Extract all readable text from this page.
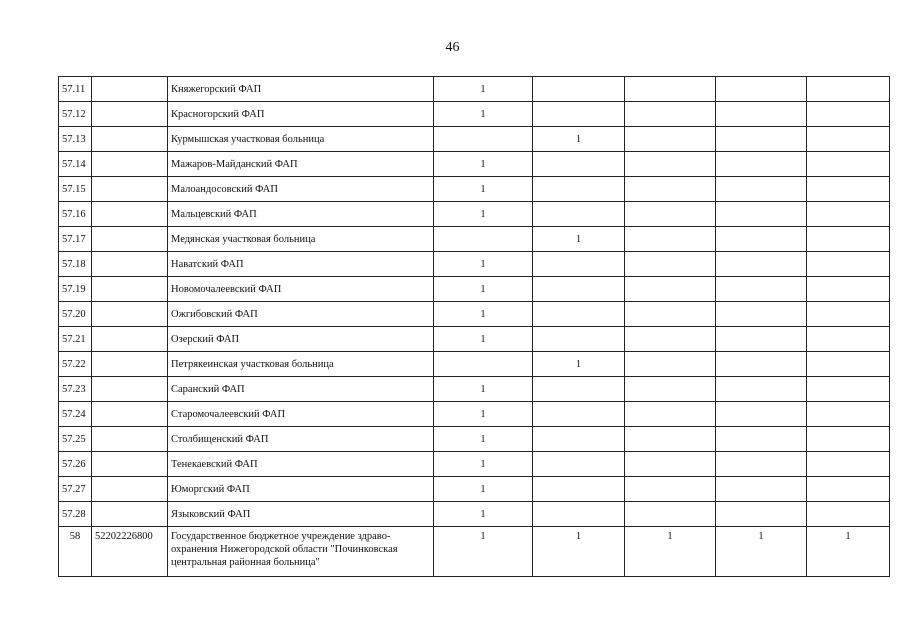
46
57.11		Княжегорский ФАП	1				
57.12		Красногорский ФАП	1				
57.13		Курмышская участковая больница		1			
57.14		Мажаров-Майданский ФАП	1				
57.15		Малоандосовский ФАП	1				
57.16		Мальцевский ФАП	1				
57.17		Медянская участковая больница		1			
57.18		Наватский ФАП	1				
57.19		Новомочалеевский ФАП	1				
57.20		Ожгибовский ФАП	1				
57.21		Озерский ФАП	1				
57.22		Петрякеинская участковая больница		1			
57.23		Саранский ФАП	1				
57.24		Старомочалеевский ФАП	1				
57.25		Столбищенский ФАП	1				
57.26		Тенекаевский ФАП	1				
57.27		Юморгский ФАП	1				
57.28		Языковский ФАП	1				
58	52202226800	Государственное бюджетное учреждение здраво-охранения Нижегородской области "Починковская центральная районная больница"	1	1	1	1	1
